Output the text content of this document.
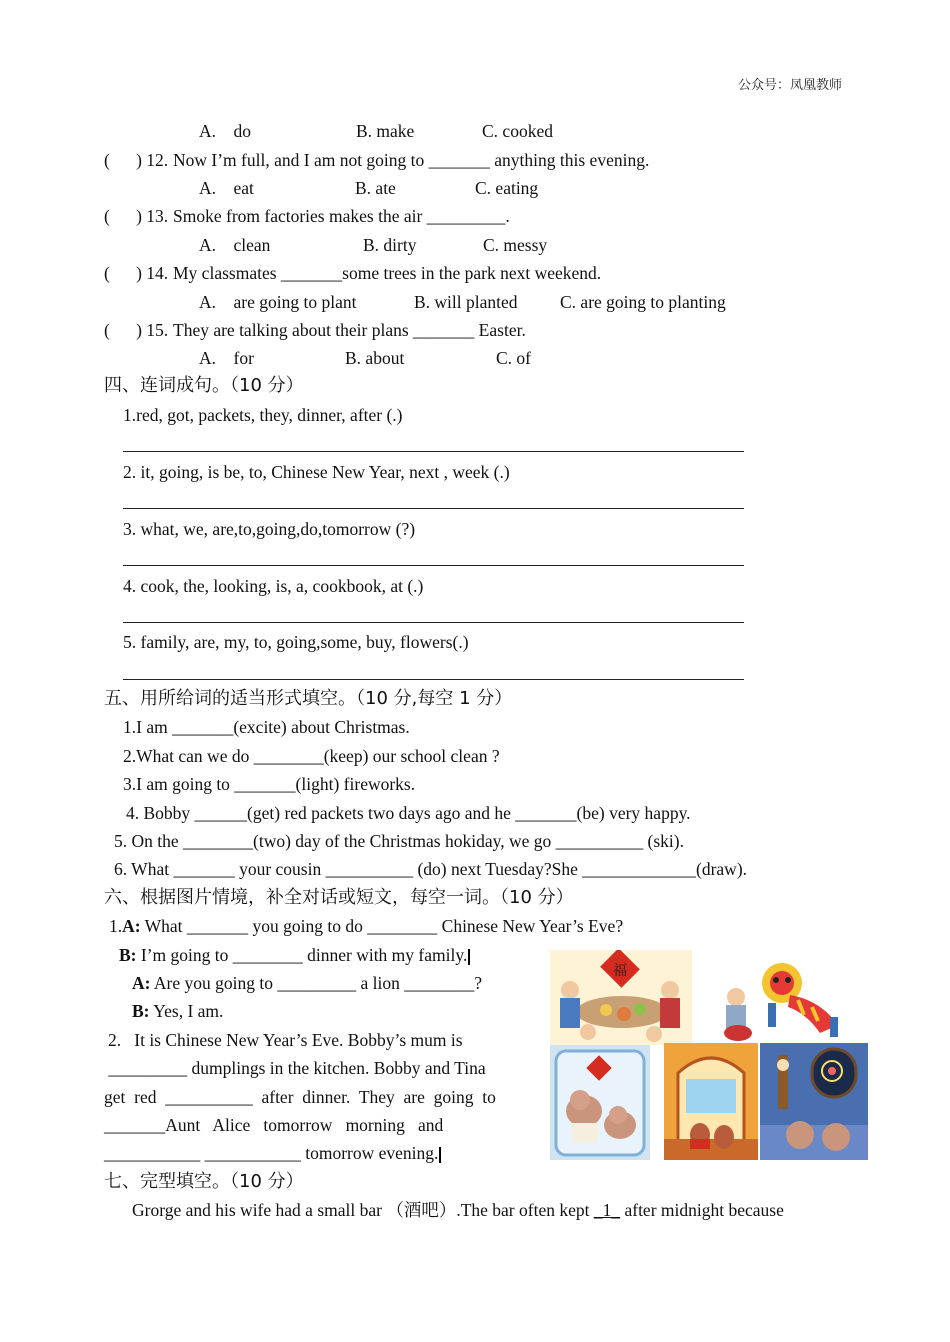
公众号：凤凰教师
A.    do	B. make	C. cooked
(      ) 12. Now I’m full, and I am not going to _______ anything this evening.
A.    eat	B. ate	C. eating
(      ) 13. Smoke from factories makes the air _________.
A.    clean	B. dirty	C. messy
(      ) 14. My classmates _______some trees in the park next weekend.
A.    are going to plant	B. will planted C. are going to planting
(      ) 15. They are talking about their plans _______ Easter.
A.    for	B. about	C. of
四、连词成句。（10 分）
1.red, got, packets, they, dinner, after (.)
2. it, going, is be, to, Chinese New Year, next , week (.)
3. what, we, are,to,going,do,tomorrow (?)
4. cook, the, looking, is, a, cookbook, at (.)
5. family, are, my, to, going,some, buy, flowers(.)
五、用所给词的适当形式填空。（10 分,每空 1 分）
1.I am _______(excite) about Christmas.
2.What can we do ________(keep) our school clean ?
3.I am going to _______(light) fireworks.
4. Bobby ______(get) red packets two days ago and he _______(be) very happy.
5. On the ________(two) day of the Christmas hokiday, we go __________ (ski).
6. What _______ your cousin __________ (do) next Tuesday?She _____________(draw).
六、根据图片情境，补全对话或短文，每空一词。（10 分）
1.A: What _______ you going to do ________ Chinese New Year’s Eve?
B: I’m going to ________ dinner with my family.
A: Are you going to _________ a lion ________?
B: Yes, I am.
2.   It is Chinese New Year’s Eve. Bobby’s mum is
_________ dumplings in the kitchen. Bobby and Tina
get  red  __________  after  dinner.  They  are  going  to
_______Aunt   Alice   tomorrow   morning   and
___________ ___________ tomorrow evening.
福
七、完型填空。（10 分）
Grorge and his wife had a small bar （酒吧）.The bar often kept _1_ after midnight because
